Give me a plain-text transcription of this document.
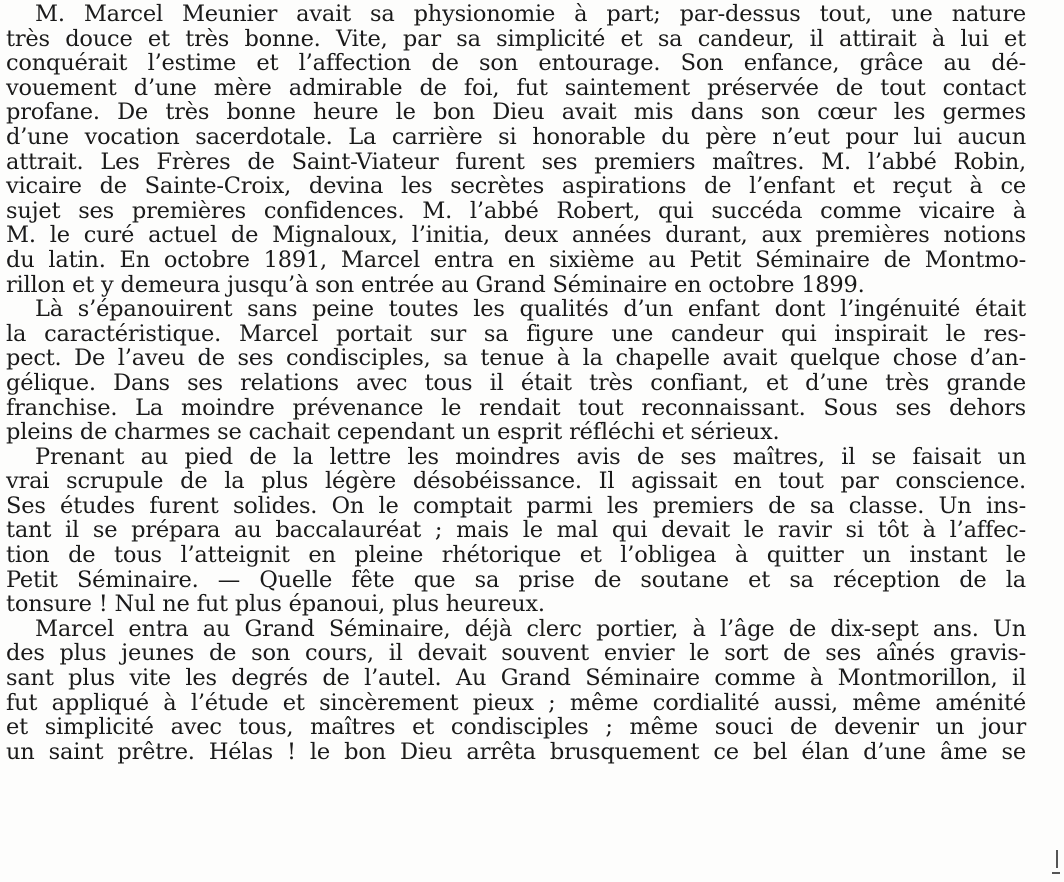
M. Marcel Meunier avait sa physionomie à part; par-dessus tout, une nature
très douce et très bonne. Vite, par sa simplicité et sa candeur, il attirait à lui et
conquérait l’estime et l’affection de son entourage. Son enfance, grâce au dé-
vouement d’une mère admirable de foi, fut saintement préservée de tout contact
profane. De très bonne heure le bon Dieu avait mis dans son cœur les germes
d’une vocation sacerdotale. La carrière si honorable du père n’eut pour lui aucun
attrait. Les Frères de Saint-Viateur furent ses premiers maîtres. M. l’abbé Robin,
vicaire de Sainte-Croix, devina les secrètes aspirations de l’enfant et reçut à ce
sujet ses premières confidences. M. l’abbé Robert, qui succéda comme vicaire à
M. le curé actuel de Mignaloux, l’initia, deux années durant, aux premières notions
du latin. En octobre 1891, Marcel entra en sixième au Petit Séminaire de Montmo-
rillon et y demeura jusqu’à son entrée au Grand Séminaire en octobre 1899.
Là s’épanouirent sans peine toutes les qualités d’un enfant dont l’ingénuité était
la caractéristique. Marcel portait sur sa figure une candeur qui inspirait le res-
pect. De l’aveu de ses condisciples, sa tenue à la chapelle avait quelque chose d’an-
gélique. Dans ses relations avec tous il était très confiant, et d’une très grande
franchise. La moindre prévenance le rendait tout reconnaissant. Sous ses dehors
pleins de charmes se cachait cependant un esprit réfléchi et sérieux.
Prenant au pied de la lettre les moindres avis de ses maîtres, il se faisait un
vrai scrupule de la plus légère désobéissance. Il agissait en tout par conscience.
Ses études furent solides. On le comptait parmi les premiers de sa classe. Un ins-
tant il se prépara au baccalauréat ; mais le mal qui devait le ravir si tôt à l’affec-
tion de tous l’atteignit en pleine rhétorique et l’obligea à quitter un instant le
Petit Séminaire. — Quelle fête que sa prise de soutane et sa réception de la
tonsure ! Nul ne fut plus épanoui, plus heureux.
Marcel entra au Grand Séminaire, déjà clerc portier, à l’âge de dix-sept ans. Un
des plus jeunes de son cours, il devait souvent envier le sort de ses aînés gravis-
sant plus vite les degrés de l’autel. Au Grand Séminaire comme à Montmorillon, il
fut appliqué à l’étude et sincèrement pieux ; même cordialité aussi, même aménité
et simplicité avec tous, maîtres et condisciples ; même souci de devenir un jour
un saint prêtre. Hélas ! le bon Dieu arrêta brusquement ce bel élan d’une âme se
